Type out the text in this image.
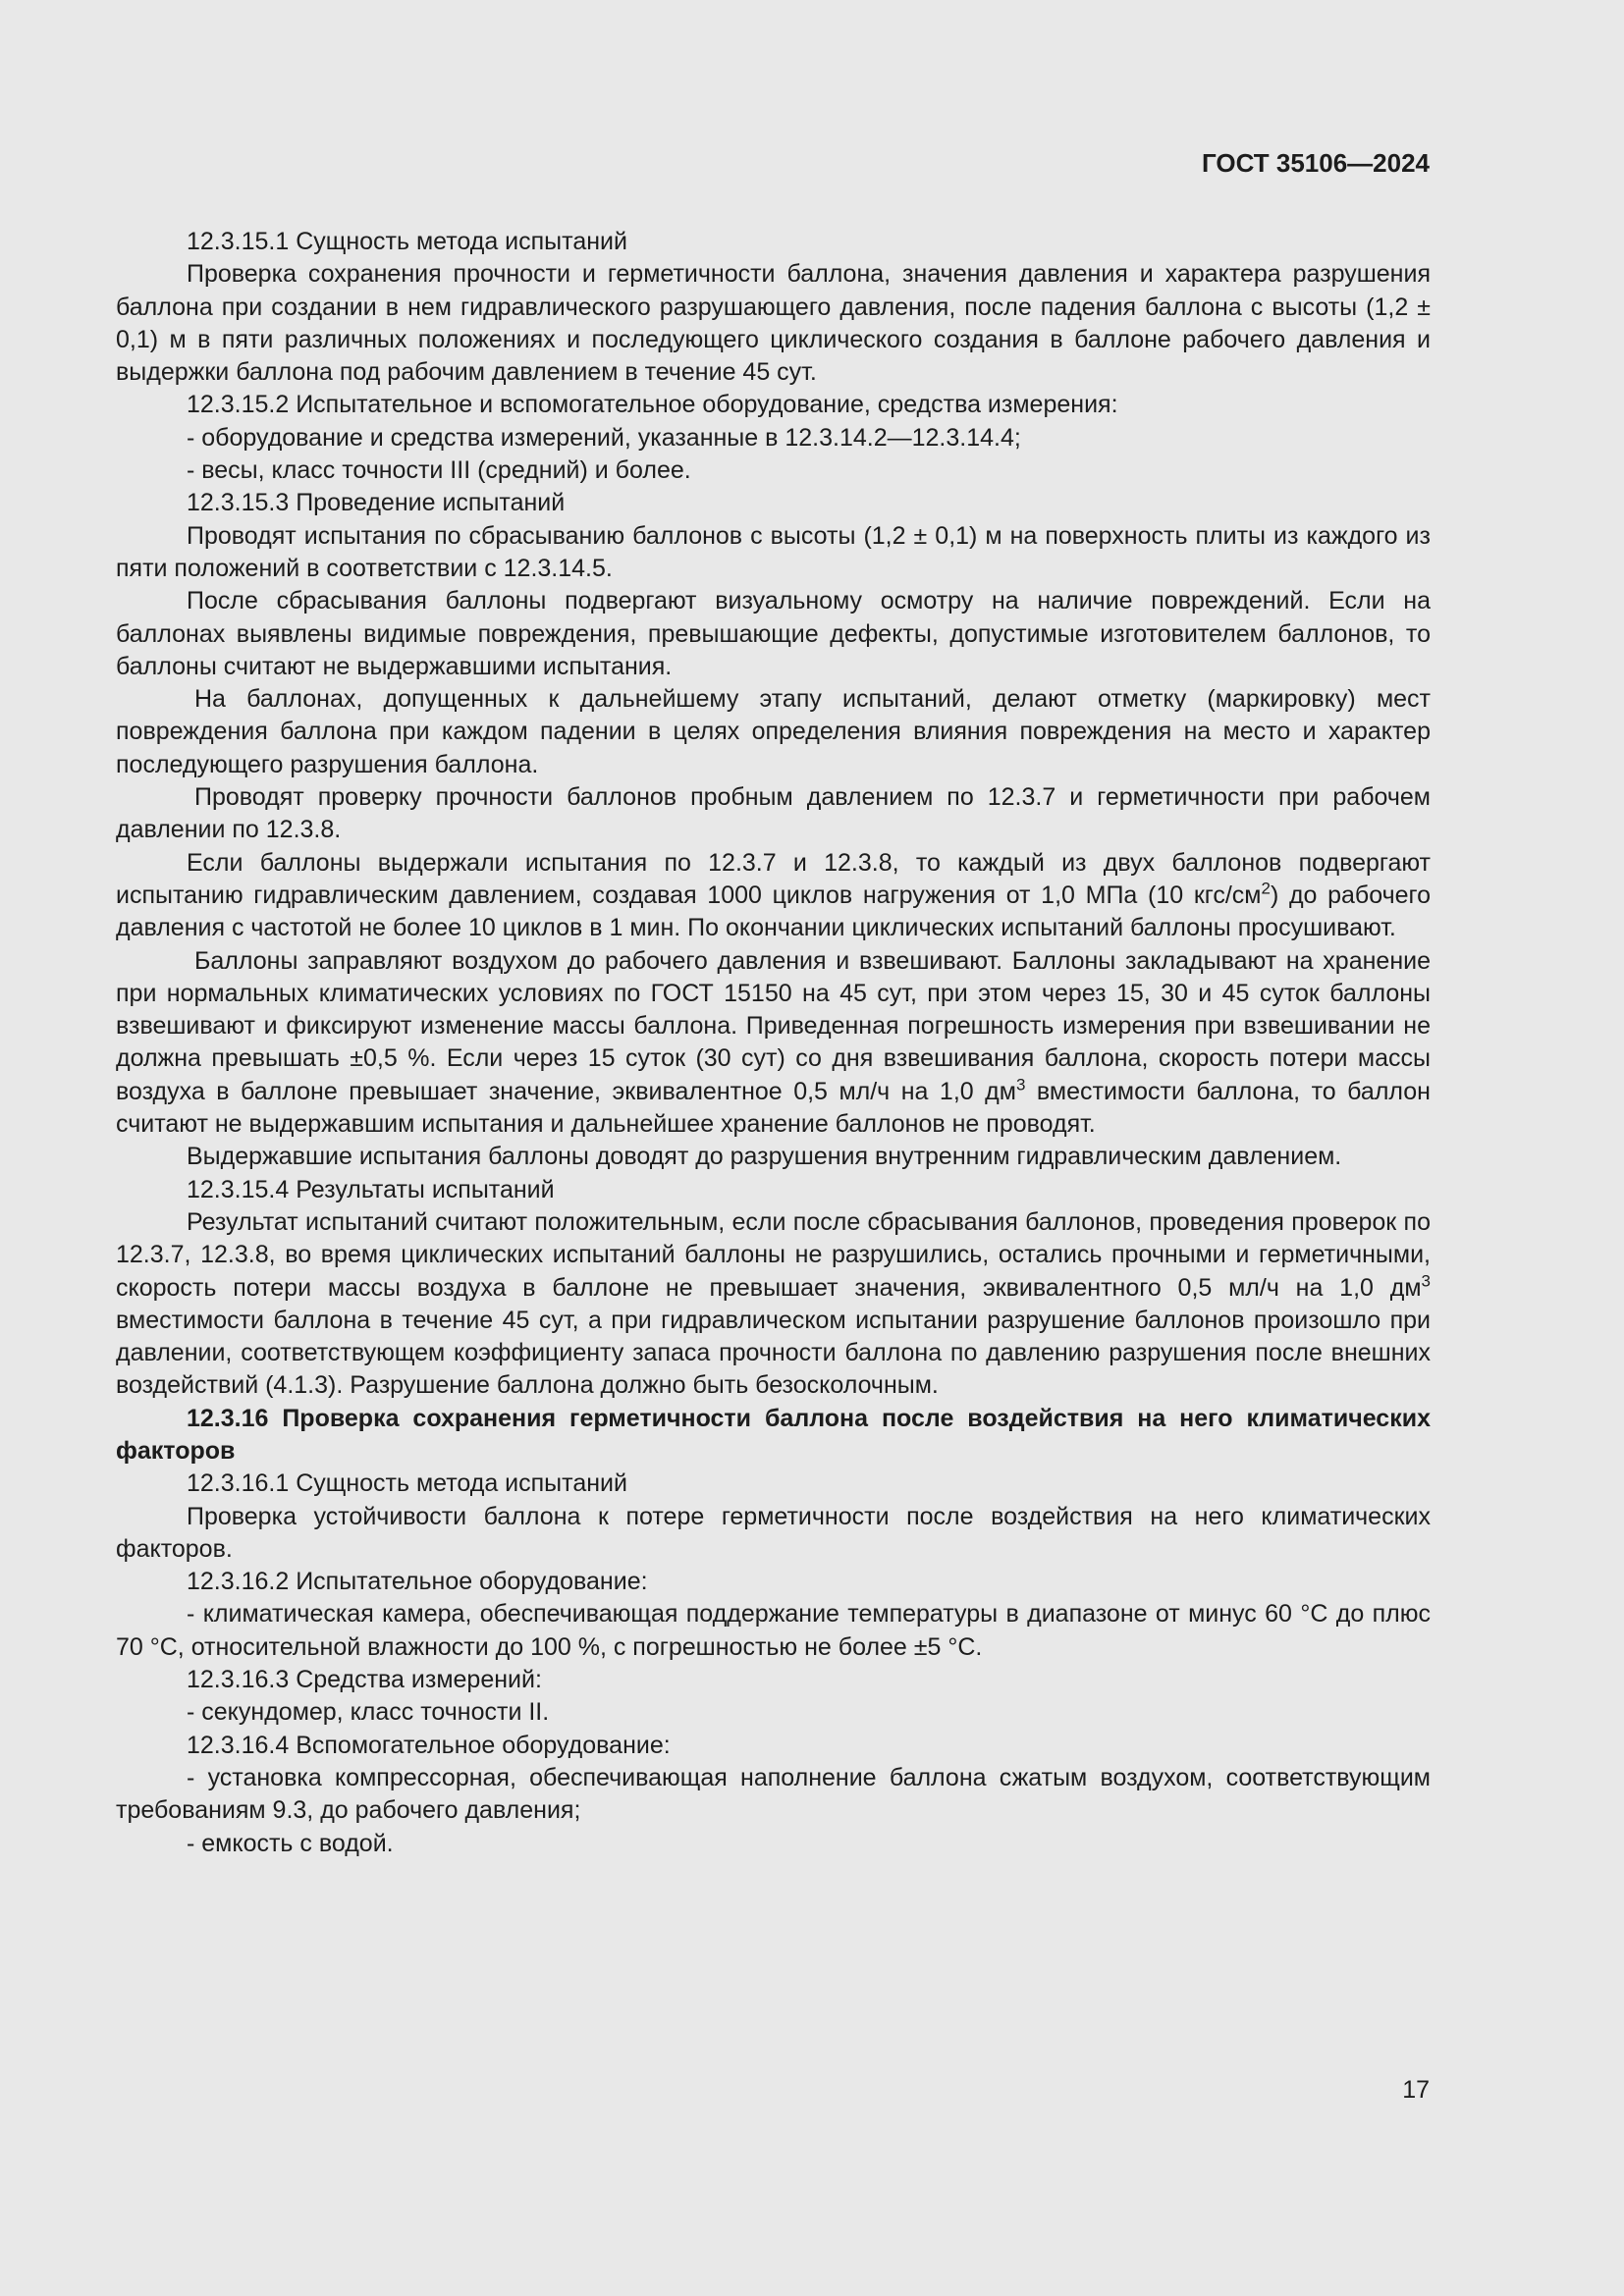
ГОСТ 35106—2024

12.3.15.1 Сущность метода испытаний

Проверка сохранения прочности и герметичности баллона, значения давления и характера разрушения баллона при создании в нем гидравлического разрушающего давления, после падения баллона с высоты (1,2 ± 0,1) м в пяти различных положениях и последующего циклического создания в баллоне рабочего давления и выдержки баллона под рабочим давлением в течение 45 сут.

12.3.15.2 Испытательное и вспомогательное оборудование, средства измерения:

- оборудование и средства измерений, указанные в 12.3.14.2—12.3.14.4;

- весы, класс точности III (средний) и более.

12.3.15.3 Проведение испытаний

Проводят испытания по сбрасыванию баллонов с высоты (1,2 ± 0,1) м на поверхность плиты из каждого из пяти положений в соответствии с 12.3.14.5.

После сбрасывания баллоны подвергают визуальному осмотру на наличие повреждений. Если на баллонах выявлены видимые повреждения, превышающие дефекты, допустимые изготовителем баллонов, то баллоны считают не выдержавшими испытания.

На баллонах, допущенных к дальнейшему этапу испытаний, делают отметку (маркировку) мест повреждения баллона при каждом падении в целях определения влияния повреждения на место и характер последующего разрушения баллона.

Проводят проверку прочности баллонов пробным давлением по 12.3.7 и герметичности при рабочем давлении по 12.3.8.

Если баллоны выдержали испытания по 12.3.7 и 12.3.8, то каждый из двух баллонов подвергают испытанию гидравлическим давлением, создавая 1000 циклов нагружения от 1,0 МПа (10 кгс/$см^2$) до рабочего давления с частотой не более 10 циклов в 1 мин. По окончании циклических испытаний баллоны просушивают.

Баллоны заправляют воздухом до рабочего давления и взвешивают. Баллоны закладывают на хранение при нормальных климатических условиях по ГОСТ 15150 на 45 сут, при этом через 15, 30 и 45 суток баллоны взвешивают и фиксируют изменение массы баллона. Приведенная погрешность измерения при взвешивании не должна превышать ±0,5 %. Если через 15 суток (30 сут) со дня взвешивания баллона, скорость потери массы воздуха в баллоне превышает значение, эквивалентное 0,5 мл/ч на 1,0 $дм^3$ вместимости баллона, то баллон считают не выдержавшим испытания и дальнейшее хранение баллонов не проводят.

Выдержавшие испытания баллоны доводят до разрушения внутренним гидравлическим давлением.

12.3.15.4 Результаты испытаний

Результат испытаний считают положительным, если после сбрасывания баллонов, проведения проверок по 12.3.7, 12.3.8, во время циклических испытаний баллоны не разрушились, остались прочными и герметичными, скорость потери массы воздуха в баллоне не превышает значения, эквивалентного 0,5 мл/ч на 1,0 $дм^3$ вместимости баллона в течение 45 сут, а при гидравлическом испытании разрушение баллонов произошло при давлении, соответствующем коэффициенту запаса прочности баллона по давлению разрушения после внешних воздействий (4.1.3). Разрушение баллона должно быть безосколочным.

12.3.16 Проверка сохранения герметичности баллона после воздействия на него климатических факторов

12.3.16.1 Сущность метода испытаний

Проверка устойчивости баллона к потере герметичности после воздействия на него климатических факторов.

12.3.16.2 Испытательное оборудование:

- климатическая камера, обеспечивающая поддержание температуры в диапазоне от минус 60 °С до плюс 70 °С, относительной влажности до 100 %, с погрешностью не более ±5 °С.

12.3.16.3 Средства измерений:

- секундомер, класс точности II.

12.3.16.4 Вспомогательное оборудование:

- установка компрессорная, обеспечивающая наполнение баллона сжатым воздухом, соответствующим требованиям 9.3, до рабочего давления;

- емкость с водой.

17
